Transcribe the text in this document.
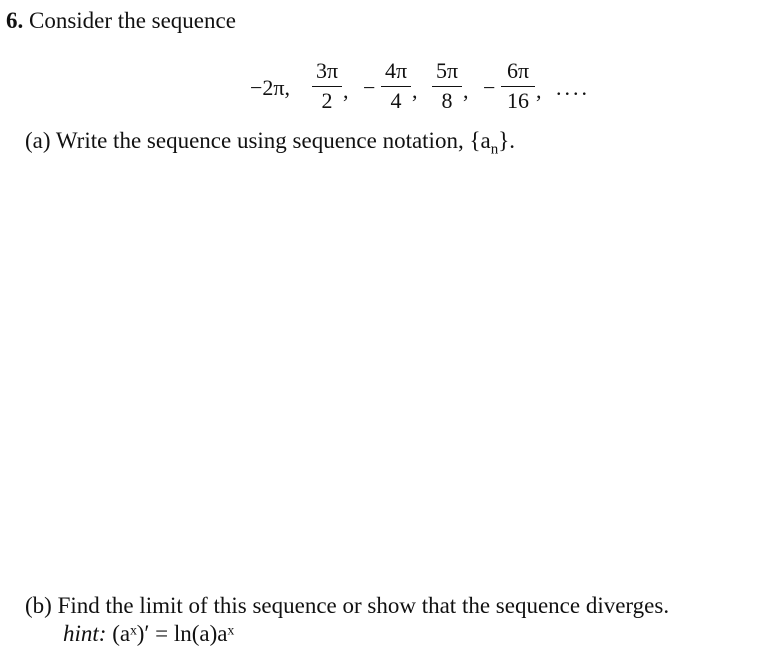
6. Consider the sequence
−2π,
3π
2 , −
4π
4 ,
5π
8 , −
6π
16 , ....
(a) Write the sequence using sequence notation, $\{a_n\}$.
(b) Find the limit of this sequence or show that the sequence diverges.
hint: (aˣ)′ = ln(a)aˣ
